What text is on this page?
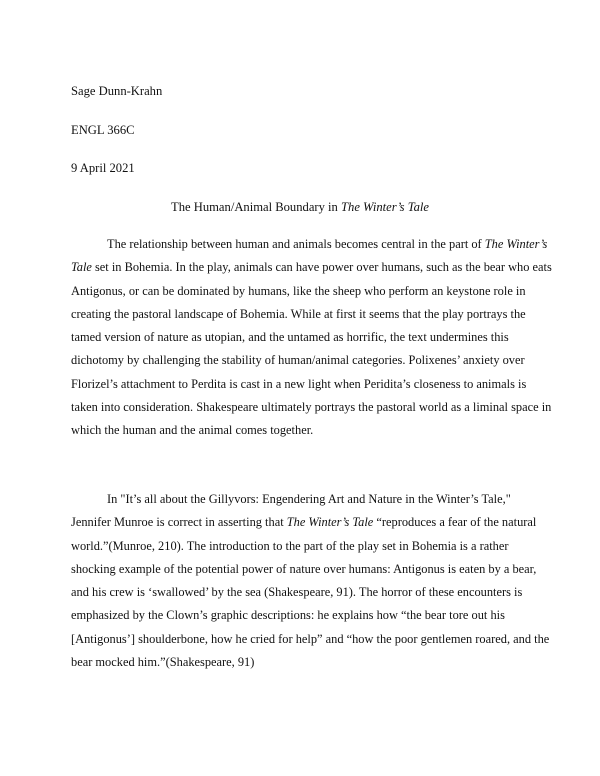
Sage Dunn-Krahn
ENGL 366C
9 April 2021
The Human/Animal Boundary in The Winter’s Tale
The relationship between human and animals becomes central in the part of The Winter’s
Tale set in Bohemia. In the play, animals can have power over humans, such as the bear who eats
Antigonus, or can be dominated by humans, like the sheep who perform an keystone role in
creating the pastoral landscape of Bohemia. While at first it seems that the play portrays the
tamed version of nature as utopian, and the untamed as horrific, the text undermines this
dichotomy by challenging the stability of human/animal categories. Polixenes’ anxiety over
Florizel’s attachment to Perdita is cast in a new light when Peridita’s closeness to animals is
taken into consideration. Shakespeare ultimately portrays the pastoral world as a liminal space in
which the human and the animal comes together.
In "It’s all about the Gillyvors: Engendering Art and Nature in the Winter’s Tale,"
Jennifer Munroe is correct in asserting that The Winter’s Tale “reproduces a fear of the natural
world.”(Munroe, 210). The introduction to the part of the play set in Bohemia is a rather
shocking example of the potential power of nature over humans: Antigonus is eaten by a bear,
and his crew is ‘swallowed’ by the sea (Shakespeare, 91). The horror of these encounters is
emphasized by the Clown’s graphic descriptions: he explains how “the bear tore out his
[Antigonus’] shoulderbone, how he cried for help” and “how the poor gentlemen roared, and the
bear mocked him.”(Shakespeare, 91)
